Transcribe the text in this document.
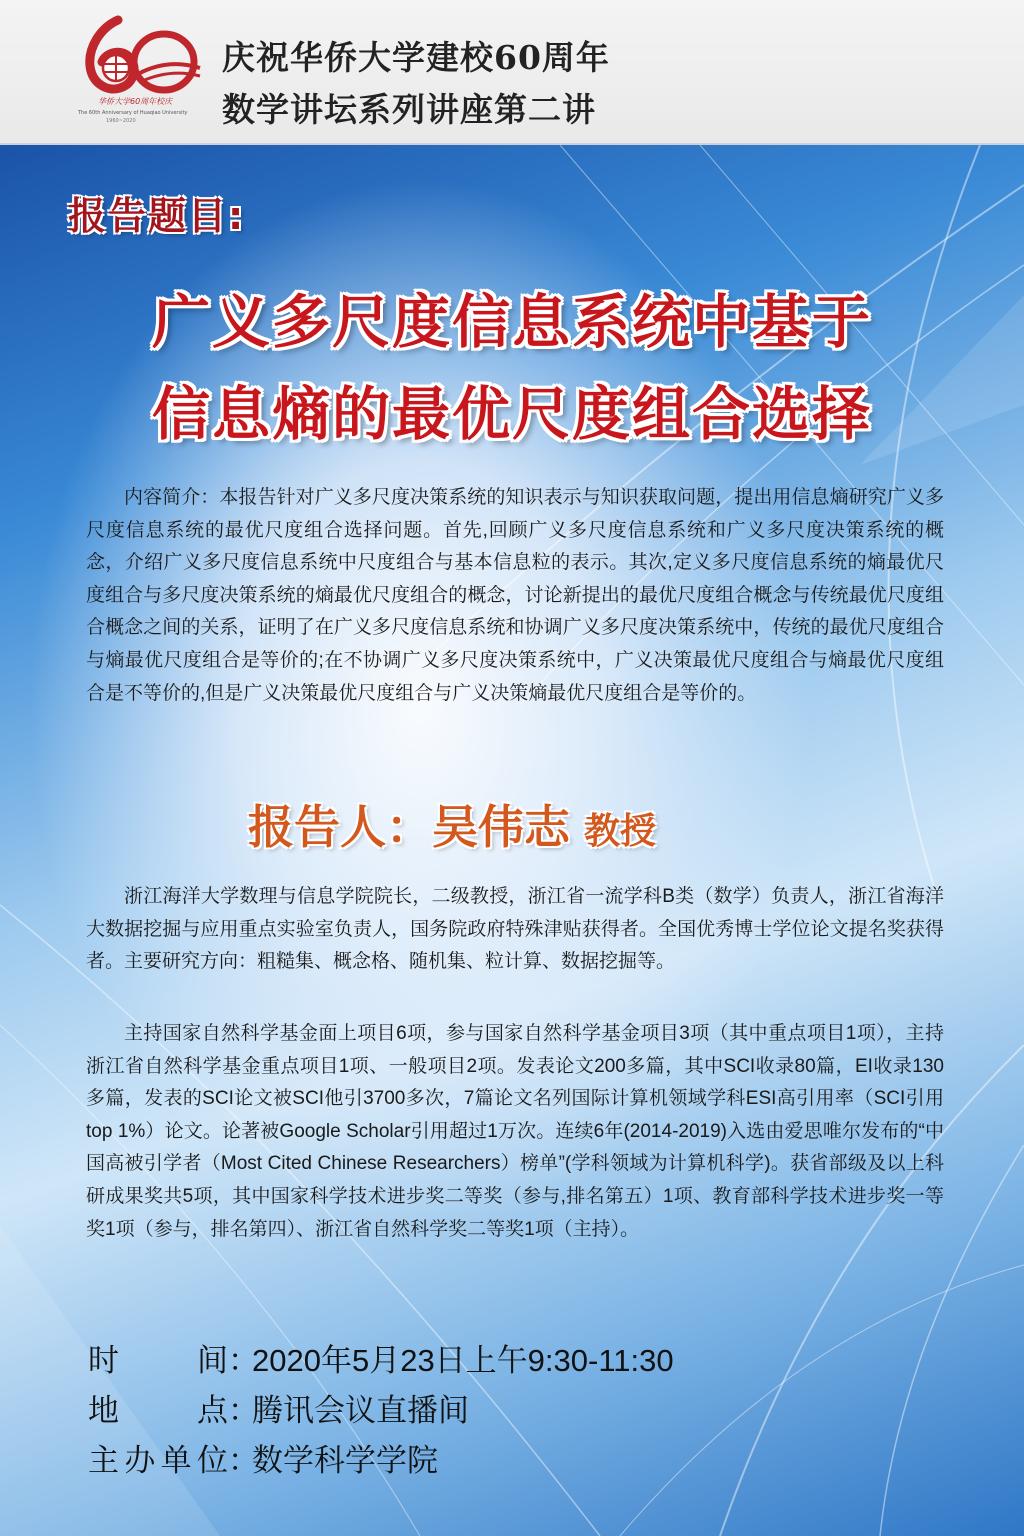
华侨大学60周年校庆
The 60th Anniversary of Huaqiao University
1960~2020
庆祝华侨大学建校60周年
数学讲坛系列讲座第二讲
报告题目:
广义多尺度信息系统中基于
信息熵的最优尺度组合选择

内容简介：本报告针对广义多尺度决策系统的知识表示与知识获取问题，提出用信息熵研究广义多尺度信息系统的最优尺度组合选择问题。首先,回顾广义多尺度信息系统和广义多尺度决策系统的概念，介绍广义多尺度信息系统中尺度组合与基本信息粒的表示。其次,定义多尺度信息系统的熵最优尺度组合与多尺度决策系统的熵最优尺度组合的概念，讨论新提出的最优尺度组合概念与传统最优尺度组合概念之间的关系，证明了在广义多尺度信息系统和协调广义多尺度决策系统中，传统的最优尺度组合与熵最优尺度组合是等价的;在不协调广义多尺度决策系统中，广义决策最优尺度组合与熵最优尺度组合是不等价的,但是广义决策最优尺度组合与广义决策熵最优尺度组合是等价的。

报告人：吴伟志 教授

浙江海洋大学数理与信息学院院长，二级教授，浙江省一流学科B类（数学）负责人，浙江省海洋大数据挖掘与应用重点实验室负责人，国务院政府特殊津贴获得者。全国优秀博士学位论文提名奖获得者。主要研究方向：粗糙集、概念格、随机集、粒计算、数据挖掘等。

主持国家自然科学基金面上项目6项，参与国家自然科学基金项目3项（其中重点项目1项），主持浙江省自然科学基金重点项目1项、一般项目2项。发表论文200多篇，其中SCI收录80篇，EI收录130多篇，发表的SCI论文被SCI他引3700多次，7篇论文名列国际计算机领域学科ESI高引用率（SCI引用top 1%）论文。论著被Google Scholar引用超过1万次。连续6年(2014-2019)入选由爱思唯尔发布的“中国高被引学者（Most Cited Chinese Researchers）榜单”(学科领域为计算机科学)。获省部级及以上科研成果奖共5项，其中国家科学技术进步奖二等奖（参与,排名第五）1项、教育部科学技术进步奖一等奖1项（参与，排名第四）、浙江省自然科学奖二等奖1项（主持）。

时间：2020年5月23日上午9:30-11:30
地点：腾讯会议直播间
主办单位：数学科学学院
